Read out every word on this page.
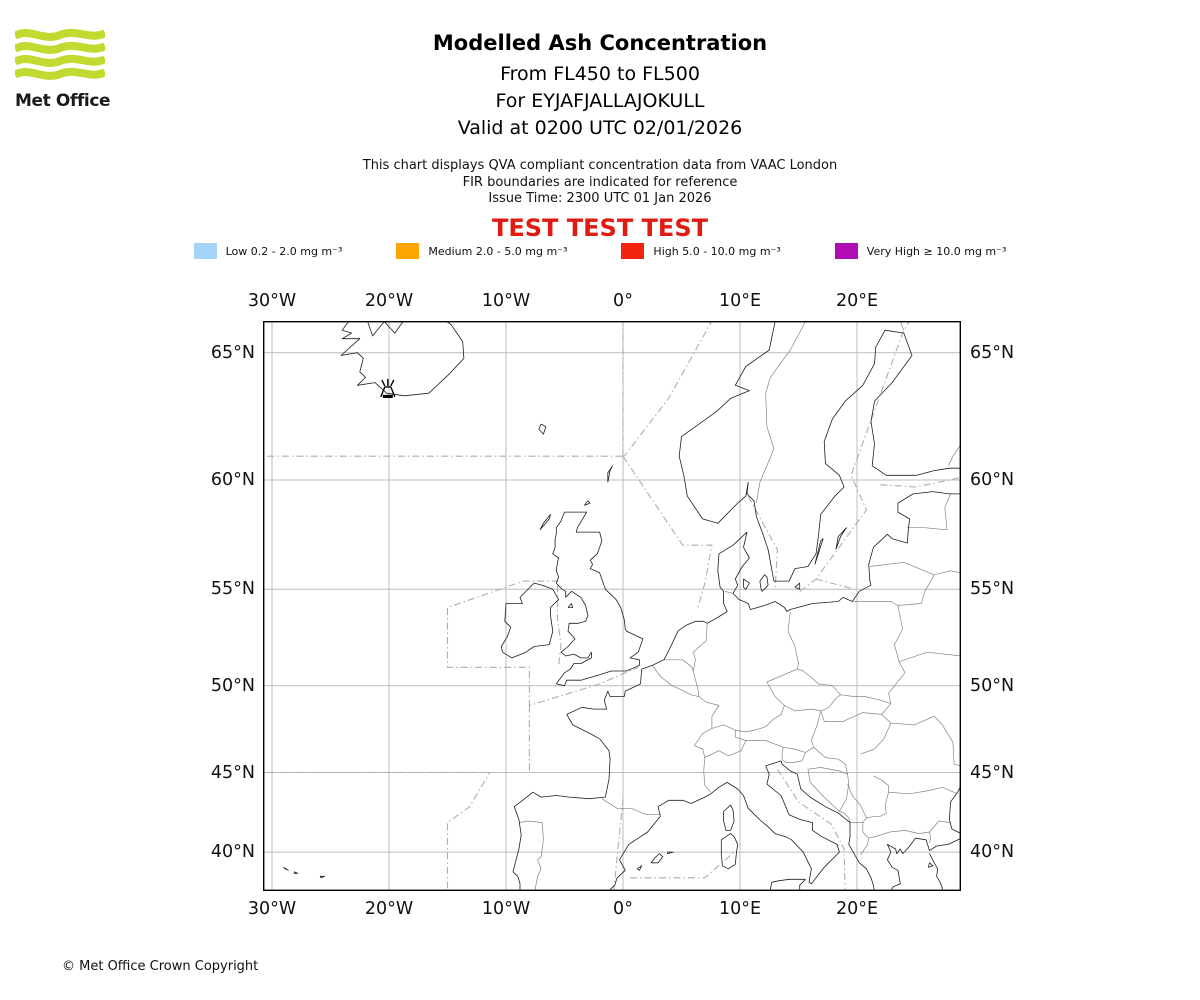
Met Office
Modelled Ash Concentration
From FL450 to FL500
For EYJAFJALLAJOKULL
Valid at 0200 UTC 02/01/2026
This chart displays QVA compliant concentration data from VAAC London
FIR boundaries are indicated for reference
Issue Time: 2300 UTC 01 Jan 2026
TEST TEST TEST
Low 0.2 - 2.0 mg m⁻³	Medium 2.0 - 5.0 mg m⁻³	High 5.0 - 10.0 mg m⁻³	Very High ≥ 10.0 mg m⁻³
30°W
30°W
20°W
20°W
10°W
10°W
0°
0°
10°E
10°E
20°E
20°E
65°N	65°N
60°N	60°N
55°N	55°N
50°N	50°N
45°N	45°N
40°N	40°N
© Met Office Crown Copyright
